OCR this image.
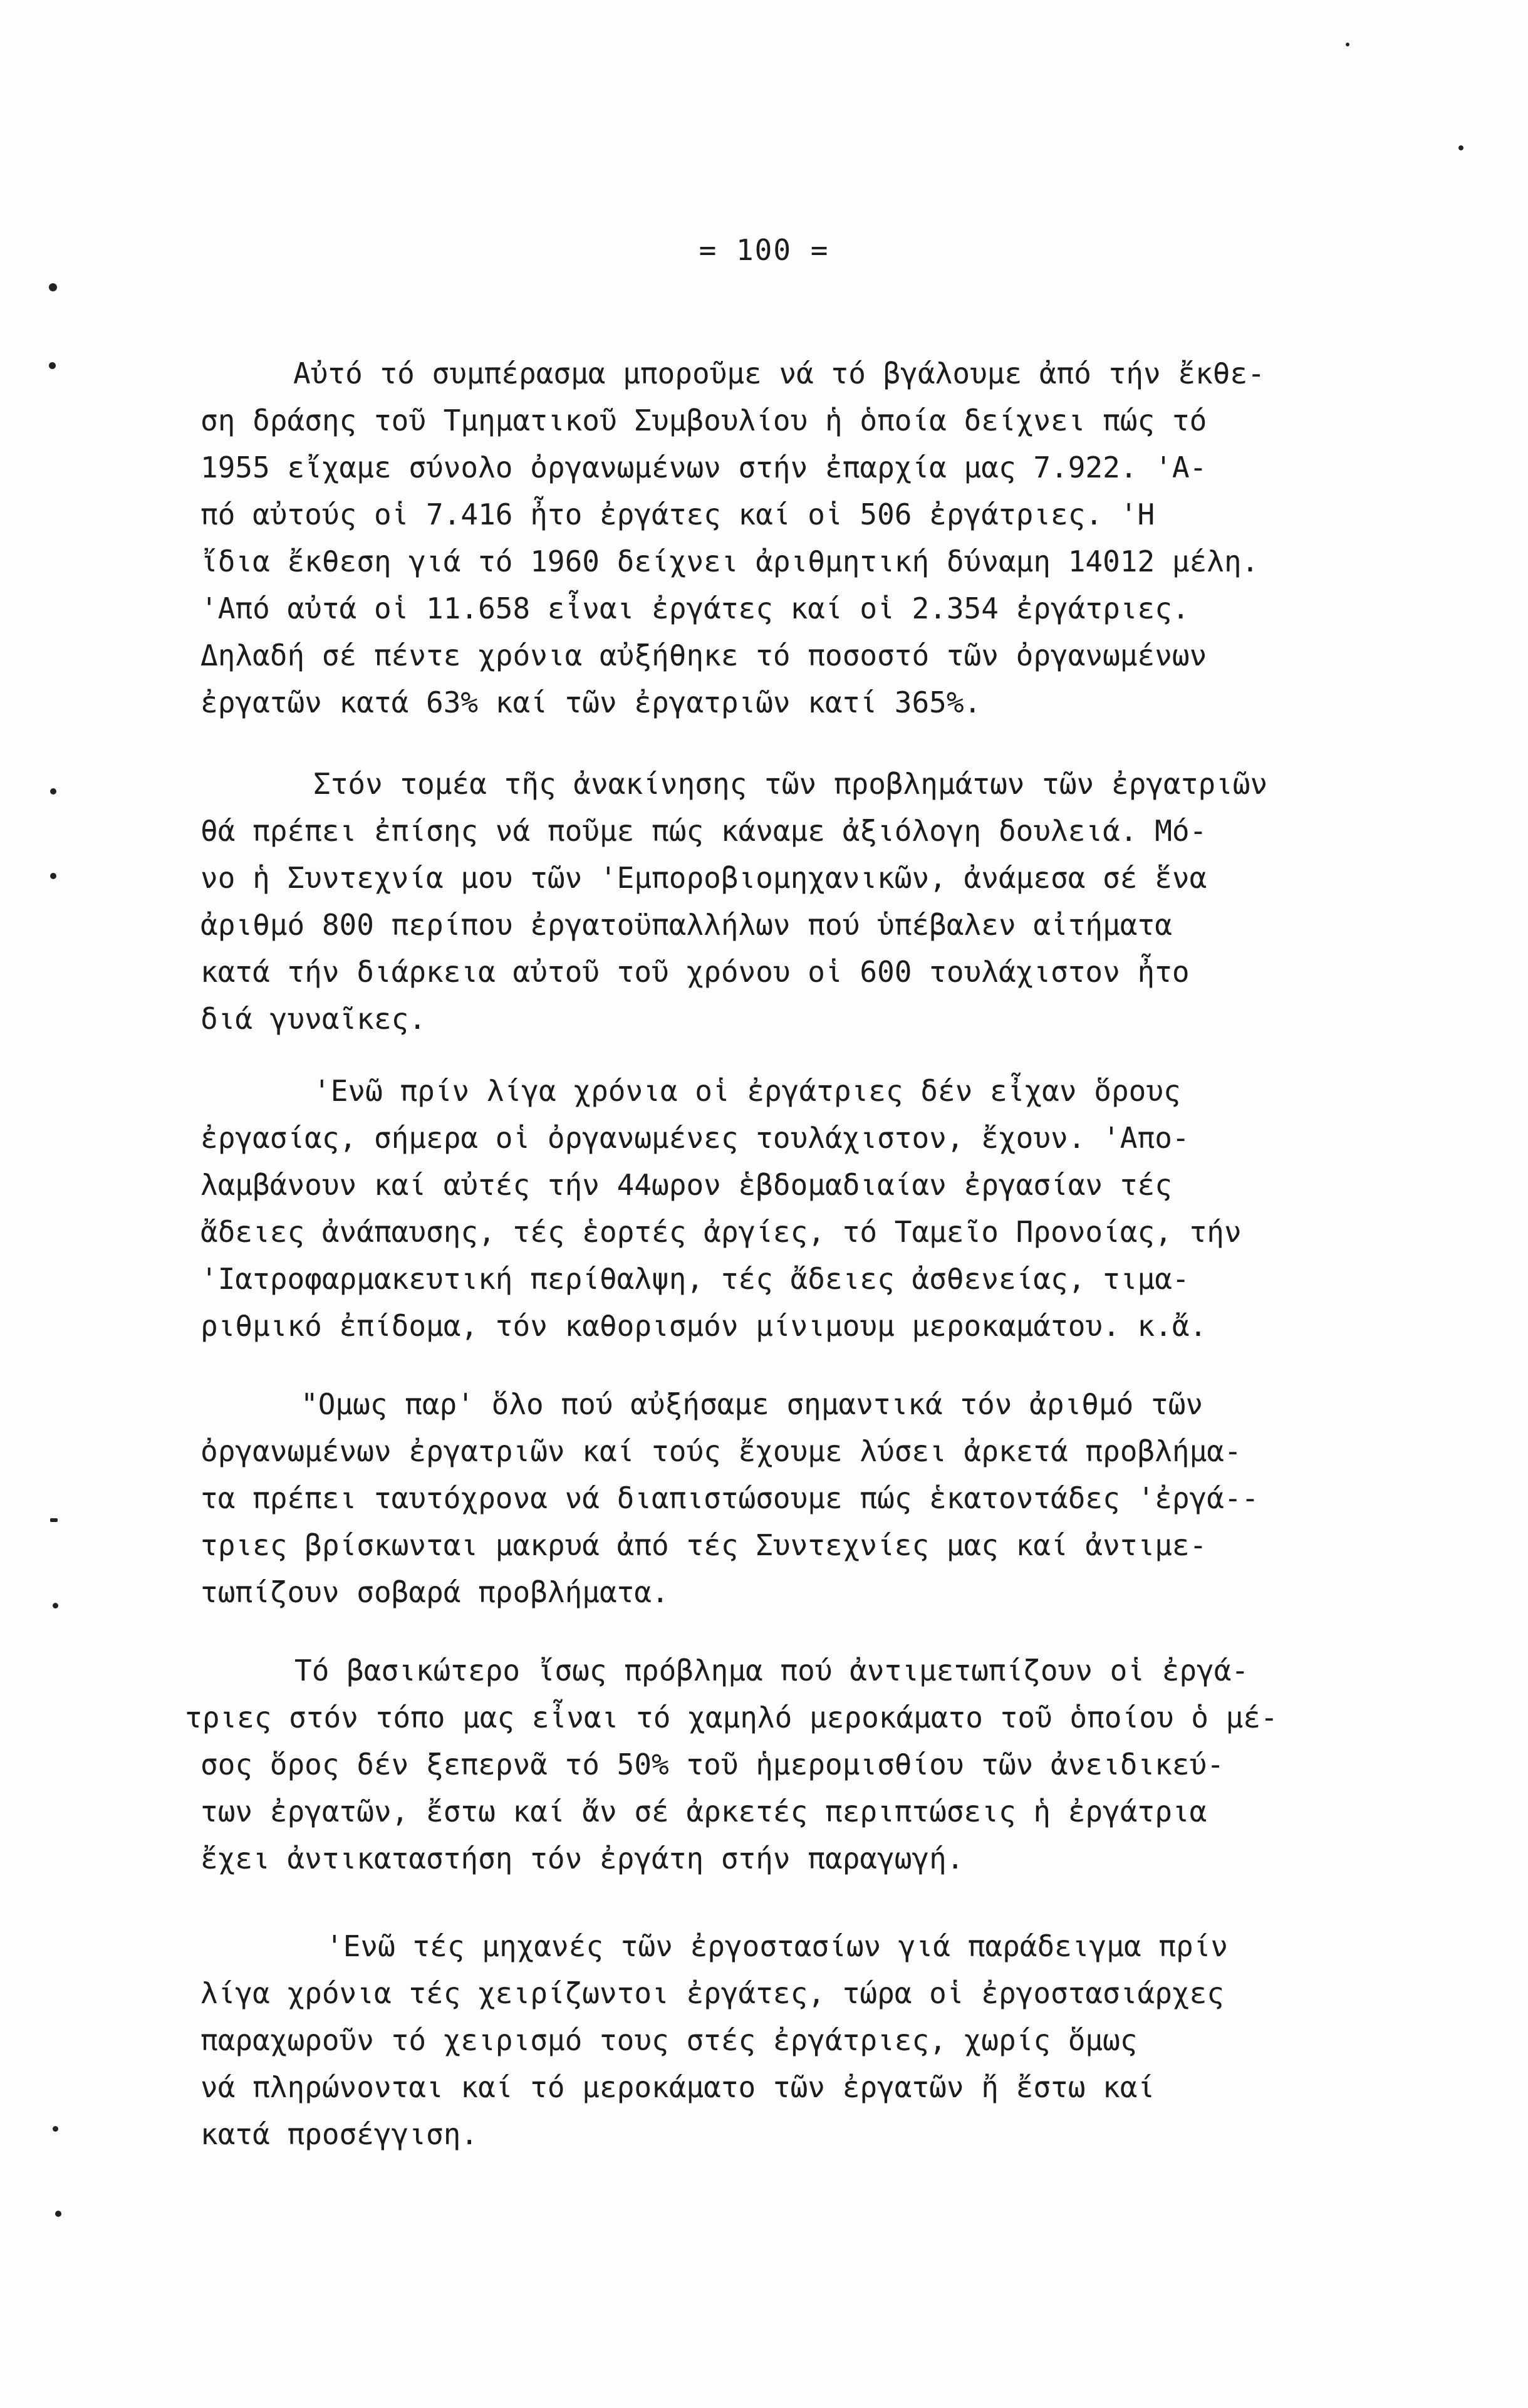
= 100 =
Αὐτό τό συμπέρασμα μποροῦμε νά τό βγάλουμε ἀπό τήν ἔκθε-
ση δράσης τοῦ Τμηματικοῦ Συμβουλίου ἡ ὁποία δείχνει πώς τό
1955 εἴχαμε σύνολο ὀργανωμένων στήν ἐπαρχία μας 7.922. 'Α-
πό αὐτούς οἱ 7.416 ἦτο ἐργάτες καί οἱ 506 ἐργάτριες. 'Η
ἴδια ἔκθεση γιά τό 1960 δείχνει ἀριθμητική δύναμη 14012 μέλη.
'Από αὐτά οἱ 11.658 εἶναι ἐργάτες καί οἱ 2.354 ἐργάτριες.
Δηλαδή σέ πέντε χρόνια αὐξήθηκε τό ποσοστό τῶν ὀργανωμένων
ἐργατῶν κατά 63% καί τῶν ἐργατριῶν κατί 365%.
Στόν τομέα τῆς ἀνακίνησης τῶν προβλημάτων τῶν ἐργατριῶν
θά πρέπει ἐπίσης νά ποῦμε πώς κάναμε ἀξιόλογη δουλειά. Μό-
νο ἡ Συντεχνία μου τῶν 'Εμποροβιομηχανικῶν, ἀνάμεσα σέ ἕνα
ἀριθμό 800 περίπου ἐργατοϋπαλλήλων πού ὑπέβαλεν αἰτήματα
κατά τήν διάρκεια αὐτοῦ τοῦ χρόνου οἱ 600 τουλάχιστον ἦτο
διά γυναῖκες.
'Ενῶ πρίν λίγα χρόνια οἱ ἐργάτριες δέν εἶχαν ὅρους
ἐργασίας, σήμερα οἱ ὀργανωμένες τουλάχιστον, ἔχουν. 'Απο-
λαμβάνουν καί αὐτές τήν 44ωρον ἑβδομαδιαίαν ἐργασίαν τές
ἄδειες ἀνάπαυσης, τές ἑορτές ἀργίες, τό Ταμεῖο Προνοίας, τήν
'Ιατροφαρμακευτική περίθαλψη, τές ἄδειες ἀσθενείας, τιμα-
ριθμικό ἐπίδομα, τόν καθορισμόν μίνιμουμ μεροκαμάτου. κ.ἄ.
"Ομως παρ' ὅλο πού αὐξήσαμε σημαντικά τόν ἀριθμό τῶν
ὀργανωμένων ἐργατριῶν καί τούς ἔχουμε λύσει ἀρκετά προβλήμα-
τα πρέπει ταυτόχρονα νά διαπιστώσουμε πώς ἑκατοντάδες 'ἐργά--
τριες βρίσκωνται μακρυά ἀπό τές Συντεχνίες μας καί ἀντιμε-
τωπίζουν σοβαρά προβλήματα.
Τό βασικώτερο ἴσως πρόβλημα πού ἀντιμετωπίζουν οἱ ἐργά-
τριες στόν τόπο μας εἶναι τό χαμηλό μεροκάματο τοῦ ὁποίου ὁ μέ-
σος ὅρος δέν ξεπερνᾶ τό 50% τοῦ ἡμερομισθίου τῶν ἀνειδικεύ-
των ἐργατῶν, ἔστω καί ἄν σέ ἀρκετές περιπτώσεις ἡ ἐργάτρια
ἔχει ἀντικαταστήση τόν ἐργάτη στήν παραγωγή.
'Ενῶ τές μηχανές τῶν ἐργοστασίων γιά παράδειγμα πρίν
λίγα χρόνια τές χειρίζωντοι ἐργάτες, τώρα οἱ ἐργοστασιάρχες
παραχωροῦν τό χειρισμό τους στές ἐργάτριες, χωρίς ὅμως
νά πληρώνονται καί τό μεροκάματο τῶν ἐργατῶν ἤ ἔστω καί
κατά προσέγγιση.
